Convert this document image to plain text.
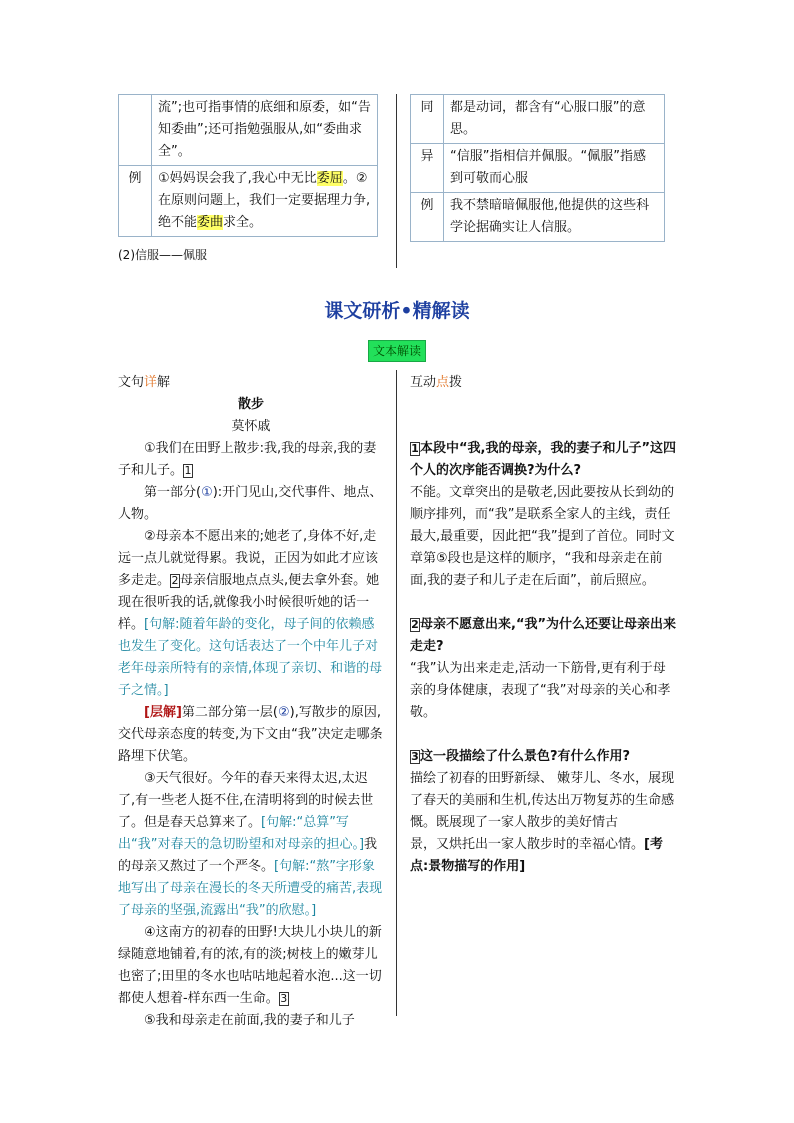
	流”;也可指事情的底细和原委，如“告知委曲”;还可指勉强服从,如“委曲求全”。
例	①妈妈误会我了,我心中无比委屈。②在原则问题上，我们一定要据理力争,绝不能委曲求全。
(2)信服——佩服
同	都是动词，都含有“心服口服”的意思。
异	“信服”指相信并佩服。“佩服”指感到可敬而心服
例	我不禁暗暗佩服他,他提供的这些科学论据确实让人信服。
课文研析•精解读
文本解读
文句详解
散步
莫怀戚

①我们在田野上散步:我,我的母亲,我的妻子和儿子。 1

第一部分(①):开门见山,交代事件、地点、人物。

②母亲本不愿出来的;她老了,身体不好,走远一点儿就觉得累。我说，正因为如此才应该多走走。 2 母亲信服地点点头,便去拿外套。她现在很听我的话,就像我小时候很听她的话一样。[句解:随着年龄的变化，母子间的依赖感也发生了变化。这句话表达了一个中年儿子对老年母亲所特有的亲情,体现了亲切、和谐的母子之情。]

[层解]第二部分第一层(②),写散步的原因,交代母亲态度的转变,为下文由“我”决定走哪条路埋下伏笔。

③天气很好。今年的春天来得太迟,太迟了,有一些老人挺不住,在清明将到的时候去世了。但是春天总算来了。[句解:“总算”写出“我”对春天的急切盼望和对母亲的担心。]我的母亲又熬过了一个严冬。[句解:“熬”字形象地写出了母亲在漫长的冬天所遭受的痛苦,表现了母亲的坚强,流露出“我”的欣慰。]

④这南方的初春的田野!大块儿小块儿的新绿随意地铺着,有的浓,有的淡;树枝上的嫩芽儿也密了;田里的冬水也咕咕地起着水泡...这一切都使人想着-样东西一生命。 3

⑤我和母亲走在前面,我的妻子和儿子

互动点拨

1本段中“我,我的母亲，我的妻子和儿子”这四个人的次序能否调换?为什么?

不能。文章突出的是敬老,因此要按从长到幼的顺序排列，而“我”是联系全家人的主线，责任最大,最重要，因此把“我”提到了首位。同时文章第⑤段也是这样的顺序，“我和母亲走在前面,我的妻子和儿子走在后面”，前后照应。

2母亲不愿意出来,“我”为什么还要让母亲出来走走?

“我”认为出来走走,活动一下筋骨,更有利于母亲的身体健康，表现了“我”对母亲的关心和孝敬。

3这一段描绘了什么景色?有什么作用?

描绘了初春的田野新绿、 嫩芽儿、冬水，展现了春天的美丽和生机,传达出万物复苏的生命感慨。既展现了一家人散步的美好情古
景，又烘托出一家人散步时的幸福心情。[考点:景物描写的作用]
